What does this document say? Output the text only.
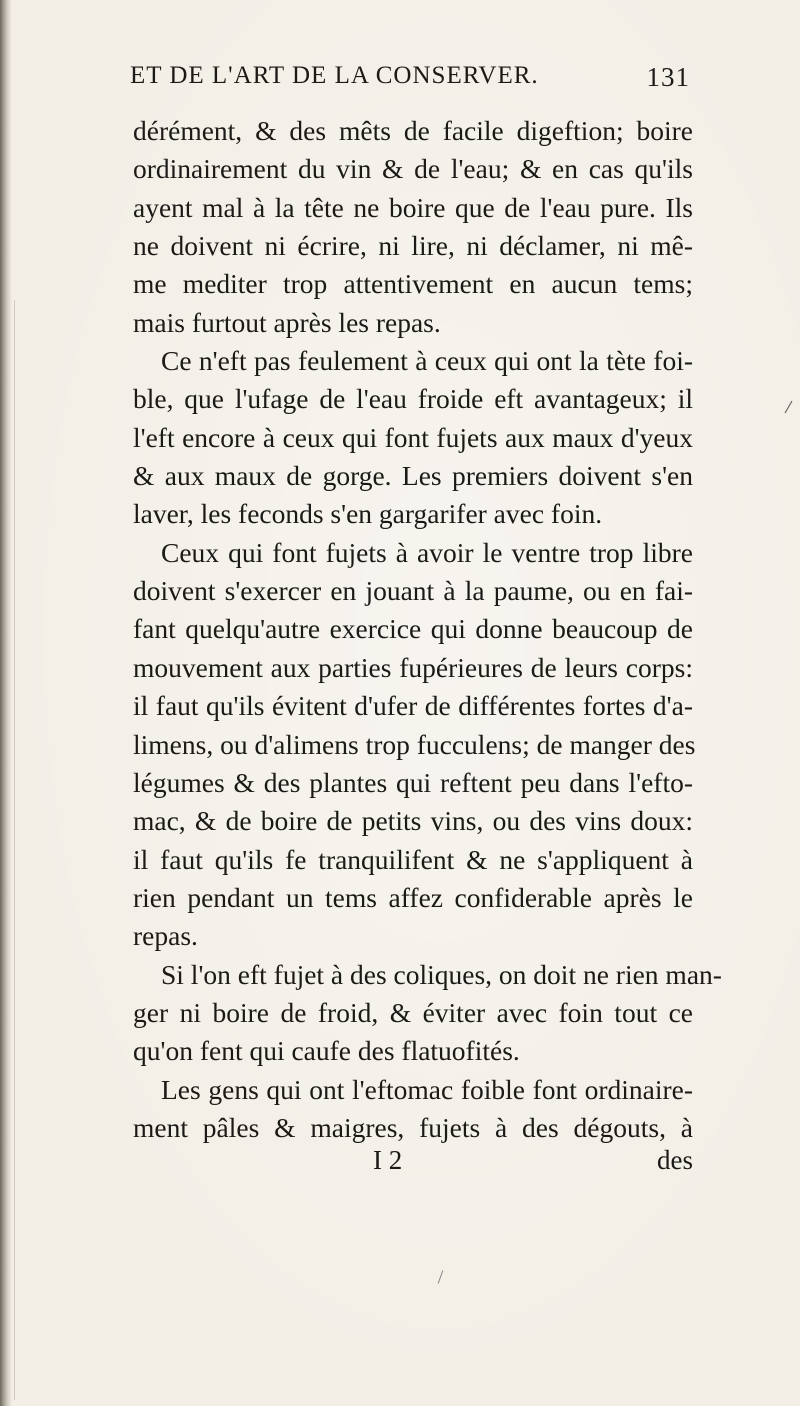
ET DE L'ART DE LA CONSERVER.	131
dérément, & des mêts de facile digeftion; boire
ordinairement du vin & de l'eau; & en cas qu'ils
ayent mal à la tête ne boire que de l'eau pure. Ils
ne doivent ni écrire, ni lire, ni déclamer, ni mê-
me mediter trop attentivement en aucun tems;
mais furtout après les repas.
Ce n'eft pas feulement à ceux qui ont la tète foi-
ble, que l'ufage de l'eau froide eft avantageux; il
l'eft encore à ceux qui font fujets aux maux d'yeux
& aux maux de gorge. Les premiers doivent s'en
laver, les feconds s'en gargarifer avec foin.
Ceux qui font fujets à avoir le ventre trop libre
doivent s'exercer en jouant à la paume, ou en fai-
fant quelqu'autre exercice qui donne beaucoup de
mouvement aux parties fupérieures de leurs corps:
il faut qu'ils évitent d'ufer de différentes fortes d'a-
limens, ou d'alimens trop fucculens; de manger des
légumes & des plantes qui reftent peu dans l'efto-
mac, & de boire de petits vins, ou des vins doux:
il faut qu'ils fe tranquilifent & ne s'appliquent à
rien pendant un tems affez confiderable après le
repas.
Si l'on eft fujet à des coliques, on doit ne rien man-
ger ni boire de froid, & éviter avec foin tout ce
qu'on fent qui caufe des flatuofités.
Les gens qui ont l'eftomac foible font ordinaire-
ment pâles & maigres, fujets à des dégouts, à
I 2	des
